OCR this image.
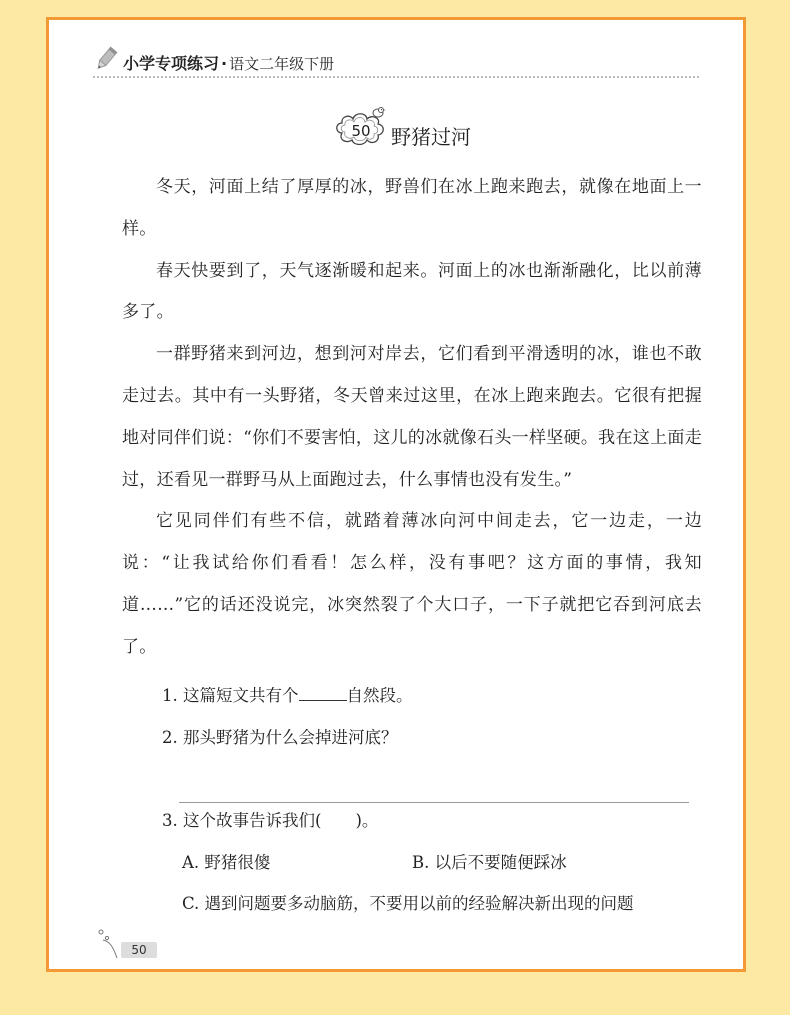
小学专项练习 · 语文二年级下册
50	野猪过河

冬天，河面上结了厚厚的冰，野兽们在冰上跑来跑去，就像在地面上一样。

春天快要到了，天气逐渐暖和起来。河面上的冰也渐渐融化，比以前薄多了。

一群野猪来到河边，想到河对岸去，它们看到平滑透明的冰，谁也不敢走过去。其中有一头野猪，冬天曾来过这里，在冰上跑来跑去。它很有把握地对同伴们说：“你们不要害怕，这儿的冰就像石头一样坚硬。我在这上面走过，还看见一群野马从上面跑过去，什么事情也没有发生。”

它见同伴们有些不信，就踏着薄冰向河中间走去，它一边走，一边说：“让我试给你们看看！怎么样，没有事吧？这方面的事情，我知道……”它的话还没说完，冰突然裂了个大口子，一下子就把它吞到河底去了。

1. 这篇短文共有个	自然段。
2. 那头野猪为什么会掉进河底？
3. 这个故事告诉我们( )。
A. 野猪很傻	B. 以后不要随便踩冰
C. 遇到问题要多动脑筋，不要用以前的经验解决新出现的问题
50
